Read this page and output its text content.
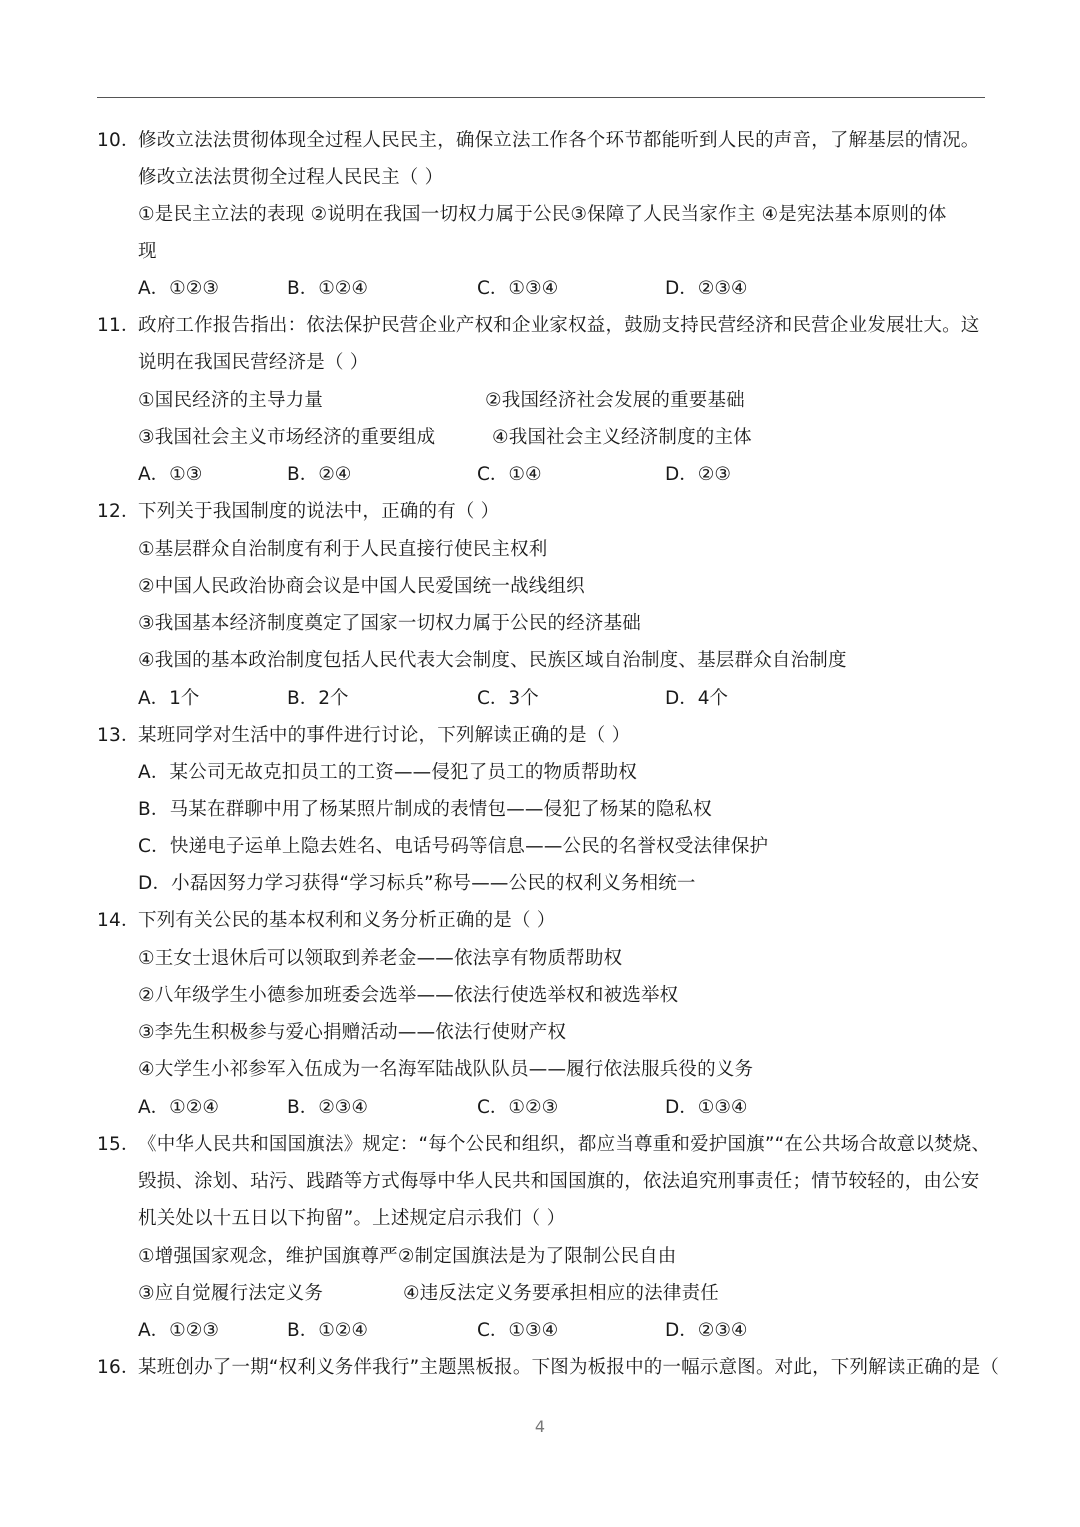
10．
修改立法法贯彻体现全过程人民民主，确保立法工作各个环节都能听到人民的声音，了解基层的情况。
修改立法法贯彻全过程人民民主（ ）
①是民主立法的表现 ②说明在我国一切权力属于公民③保障了人民当家作主 ④是宪法基本原则的体
现
A．①②③	B．①②④	C．①③④	D．②③④
11．
政府工作报告指出：依法保护民营企业产权和企业家权益，鼓励支持民营经济和民营企业发展壮大。这
说明在我国民营经济是（ ）
①国民经济的主导力量	②我国经济社会发展的重要基础
③我国社会主义市场经济的重要组成	④我国社会主义经济制度的主体
A．①③	B．②④	C．①④	D．②③
12．
下列关于我国制度的说法中，正确的有（ ）
①基层群众自治制度有利于人民直接行使民主权利
②中国人民政治协商会议是中国人民爱国统一战线组织
③我国基本经济制度奠定了国家一切权力属于公民的经济基础
④我国的基本政治制度包括人民代表大会制度、民族区域自治制度、基层群众自治制度
A．1个	B．2个	C．3个	D．4个
13．
某班同学对生活中的事件进行讨论，下列解读正确的是（ ）
A．某公司无故克扣员工的工资——侵犯了员工的物质帮助权
B．马某在群聊中用了杨某照片制成的表情包——侵犯了杨某的隐私权
C．快递电子运单上隐去姓名、电话号码等信息——公民的名誉权受法律保护
D．小磊因努力学习获得“学习标兵”称号——公民的权利义务相统一
14．
下列有关公民的基本权利和义务分析正确的是（ ）
①王女士退休后可以领取到养老金——依法享有物质帮助权
②八年级学生小德参加班委会选举——依法行使选举权和被选举权
③李先生积极参与爱心捐赠活动——依法行使财产权
④大学生小祁参军入伍成为一名海军陆战队队员——履行依法服兵役的义务
A．①②④	B．②③④	C．①②③	D．①③④
15．
《中华人民共和国国旗法》规定：“每个公民和组织，都应当尊重和爱护国旗”“在公共场合故意以焚烧、
毁损、涂划、玷污、践踏等方式侮辱中华人民共和国国旗的，依法追究刑事责任；情节较轻的，由公安
机关处以十五日以下拘留”。上述规定启示我们（ ）
①增强国家观念，维护国旗尊严②制定国旗法是为了限制公民自由
③应自觉履行法定义务	④违反法定义务要承担相应的法律责任
A．①②③	B．①②④	C．①③④	D．②③④
16．
某班创办了一期“权利义务伴我行”主题黑板报。下图为板报中的一幅示意图。对此，下列解读正确的是（
4
